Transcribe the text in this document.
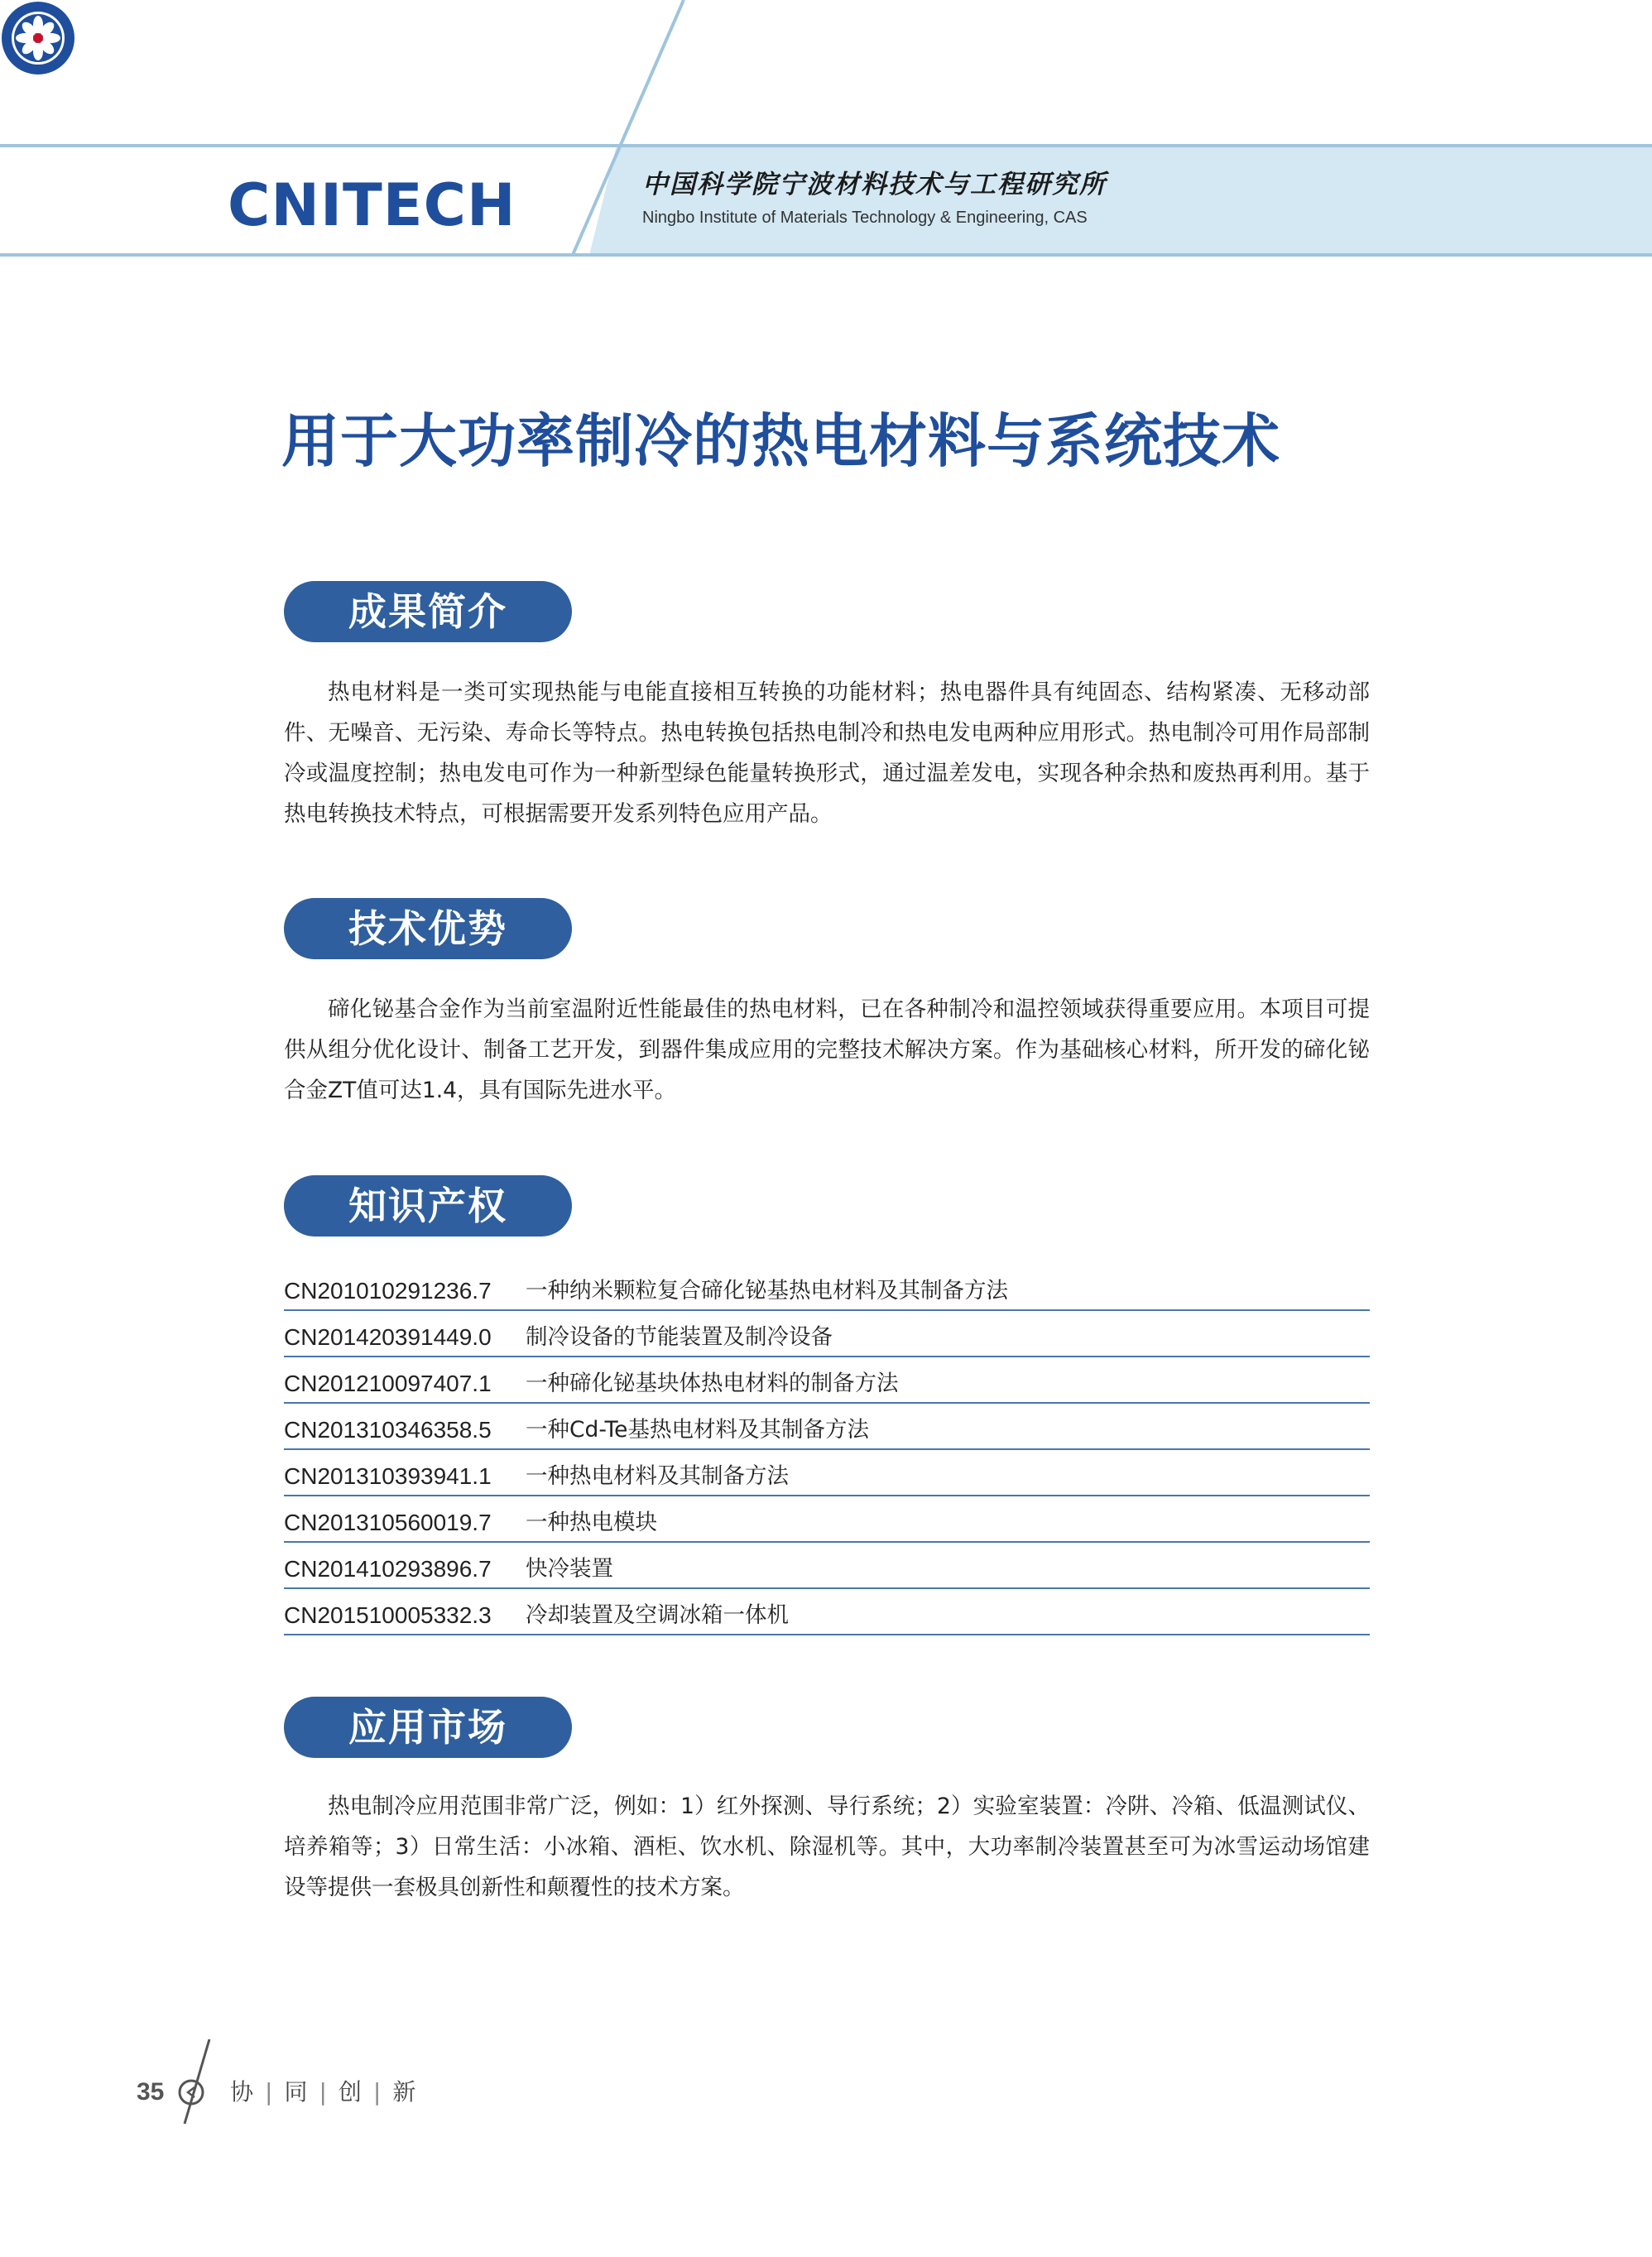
CNITECH	中国科学院宁波材料技术与工程研究所
Ningbo Institute of Materials Technology & Engineering, CAS
用于大功率制冷的热电材料与系统技术
成果简介
热电材料是一类可实现热能与电能直接相互转换的功能材料；热电器件具有纯固态、结构紧凑、无移动部件、无噪音、无污染、寿命长等特点。热电转换包括热电制冷和热电发电两种应用形式。热电制冷可用作局部制冷或温度控制；热电发电可作为一种新型绿色能量转换形式，通过温差发电，实现各种余热和废热再利用。基于热电转换技术特点，可根据需要开发系列特色应用产品。
技术优势
碲化铋基合金作为当前室温附近性能最佳的热电材料，已在各种制冷和温控领域获得重要应用。本项目可提供从组分优化设计、制备工艺开发，到器件集成应用的完整技术解决方案。作为基础核心材料，所开发的碲化铋合金ZT值可达1.4，具有国际先进水平。
知识产权
CN201010291236.7 一种纳米颗粒复合碲化铋基热电材料及其制备方法
CN201420391449.0 制冷设备的节能装置及制冷设备
CN201210097407.1 一种碲化铋基块体热电材料的制备方法
CN201310346358.5 一种Cd-Te基热电材料及其制备方法
CN201310393941.1 一种热电材料及其制备方法
CN201310560019.7 一种热电模块
CN201410293896.7 快冷装置
CN201510005332.3 冷却装置及空调冰箱一体机
应用市场
热电制冷应用范围非常广泛，例如：1）红外探测、导行系统；2）实验室装置：冷阱、冷箱、低温测试仪、培养箱等；3）日常生活：小冰箱、酒柜、饮水机、除湿机等。其中，大功率制冷装置甚至可为冰雪运动场馆建设等提供一套极具创新性和颠覆性的技术方案。
35	协 | 同 | 创 | 新
